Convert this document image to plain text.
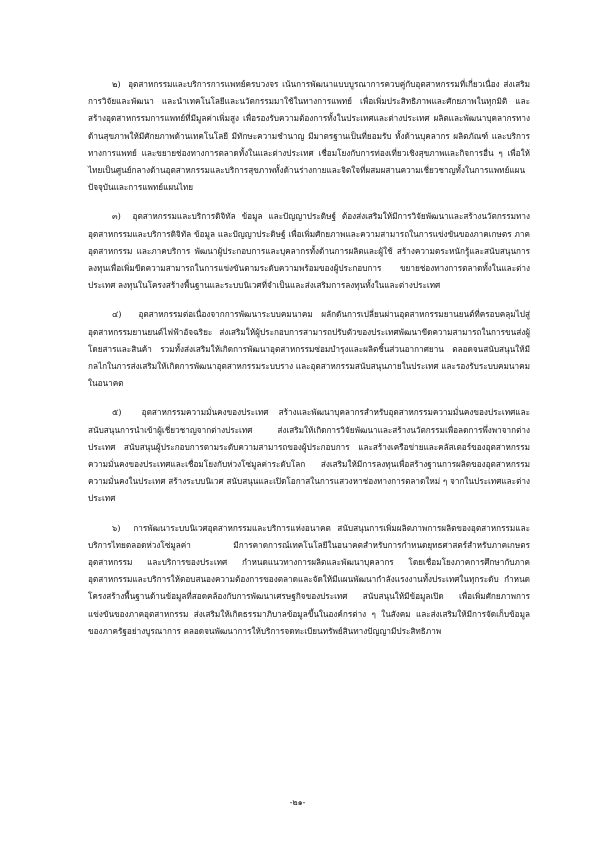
๒) อุตสาหกรรมและบริการการแพทย์ครบวงจร เน้นการพัฒนาแบบบูรณาการควบคู่กับอุตสาหกรรมที่เกี่ยวเนื่อง ส่งเสริมการวิจัยและพัฒนา และนำเทคโนโลยีและนวัตกรรมมาใช้ในทางการแพทย์ เพื่อเพิ่มประสิทธิภาพและศักยภาพในทุกมิติ และสร้างอุตสาหกรรมการแพทย์ที่มีมูลค่าเพิ่มสูง เพื่อรองรับความต้องการทั้งในประเทศและต่างประเทศ ผลิตและพัฒนาบุคลากรทางด้านสุขภาพให้มีศักยภาพด้านเทคโนโลยี มีทักษะความชำนาญ มีมาตรฐานเป็นที่ยอมรับ ทั้งด้านบุคลากร ผลิตภัณฑ์ และบริการทางการแพทย์ และขยายช่องทางการตลาดทั้งในและต่างประเทศ เชื่อมโยงกับการท่องเที่ยวเชิงสุขภาพและกิจการอื่น ๆ เพื่อให้ไทยเป็นศูนย์กลางด้านอุตสาหกรรมและบริการสุขภาพทั้งด้านร่างกายและจิตใจที่ผสมผสานความเชี่ยวชาญทั้งในการแพทย์แผนปัจจุบันและการแพทย์แผนไทย

๓) อุตสาหกรรมและบริการดิจิทัล ข้อมูล และปัญญาประดิษฐ์ ต้องส่งเสริมให้มีการวิจัยพัฒนาและสร้างนวัตกรรมทางอุตสาหกรรมและบริการดิจิทัล ข้อมูล และปัญญาประดิษฐ์ เพื่อเพิ่มศักยภาพและความสามารถในการแข่งขันของภาคเกษตร ภาคอุตสาหกรรม และภาคบริการ พัฒนาผู้ประกอบการและบุคลากรทั้งด้านการผลิตและผู้ใช้ สร้างความตระหนักรู้และสนับสนุนการลงทุนเพื่อเพิ่มขีดความสามารถในการแข่งขันตามระดับความพร้อมของผู้ประกอบการ ขยายช่องทางการตลาดทั้งในและต่างประเทศ ลงทุนในโครงสร้างพื้นฐานและระบบนิเวศที่จำเป็นและส่งเสริมการลงทุนทั้งในและต่างประเทศ

๔) อุตสาหกรรมต่อเนื่องจากการพัฒนาระบบคมนาคม ผลักดันการเปลี่ยนผ่านอุตสาหกรรมยานยนต์ที่ครอบคลุมไปสู่อุตสาหกรรมยานยนต์ไฟฟ้าอัจฉริยะ ส่งเสริมให้ผู้ประกอบการสามารถปรับตัวของประเทศพัฒนาขีดความสามารถในการขนส่งผู้โดยสารและสินค้า รวมทั้งส่งเสริมให้เกิดการพัฒนาอุตสาหกรรมซ่อมบำรุงและผลิตชิ้นส่วนอากาศยาน ตลอดจนสนับสนุนให้มีกลไกในการส่งเสริมให้เกิดการพัฒนาอุตสาหกรรมระบบราง และอุตสาหกรรมสนับสนุนภายในประเทศ และรองรับระบบคมนาคมในอนาคต

๕) อุตสาหกรรมความมั่นคงของประเทศ สร้างและพัฒนาบุคลากรสำหรับอุตสาหกรรมความมั่นคงของประเทศและสนับสนุนการนำเข้าผู้เชี่ยวชาญจากต่างประเทศ ส่งเสริมให้เกิดการวิจัยพัฒนาและสร้างนวัตกรรมเพื่อลดการพึ่งพาจากต่างประเทศ สนับสนุนผู้ประกอบการตามระดับความสามารถของผู้ประกอบการ และสร้างเครือข่ายและคลัสเตอร์ของอุตสาหกรรมความมั่นคงของประเทศและเชื่อมโยงกับห่วงโซ่มูลค่าระดับโลก ส่งเสริมให้มีการลงทุนเพื่อสร้างฐานการผลิตของอุตสาหกรรมความมั่นคงในประเทศ สร้างระบบนิเวศ สนับสนุนและเปิดโอกาสในการแสวงหาช่องทางการตลาดใหม่ ๆ จากในประเทศและต่างประเทศ

๖) การพัฒนาระบบนิเวศอุตสาหกรรมและบริการแห่งอนาคต สนับสนุนการเพิ่มผลิตภาพการผลิตของอุตสาหกรรมและบริการไทยตลอดห่วงโซ่มูลค่า มีการคาดการณ์เทคโนโลยีในอนาคตสำหรับการกำหนดยุทธศาสตร์สำหรับภาคเกษตร อุตสาหกรรม และบริการของประเทศ กำหนดแนวทางการผลิตและพัฒนาบุคลากร โดยเชื่อมโยงภาคการศึกษากับภาคอุตสาหกรรมและบริการให้ตอบสนองความต้องการของตลาดและจัดให้มีแผนพัฒนากำลังแรงงานทั้งประเทศในทุกระดับ กำหนดโครงสร้างพื้นฐานด้านข้อมูลที่สอดคล้องกับการพัฒนาเศรษฐกิจของประเทศ สนับสนุนให้มีข้อมูลเปิด เพื่อเพิ่มศักยภาพการแข่งขันของภาคอุตสาหกรรม ส่งเสริมให้เกิดธรรมาภิบาลข้อมูลขึ้นในองค์กรต่าง ๆ ในสังคม และส่งเสริมให้มีการจัดเก็บข้อมูลของภาครัฐอย่างบูรณาการ ตลอดจนพัฒนาการให้บริการจดทะเบียนทรัพย์สินทางปัญญามีประสิทธิภาพ

-๒๑-
